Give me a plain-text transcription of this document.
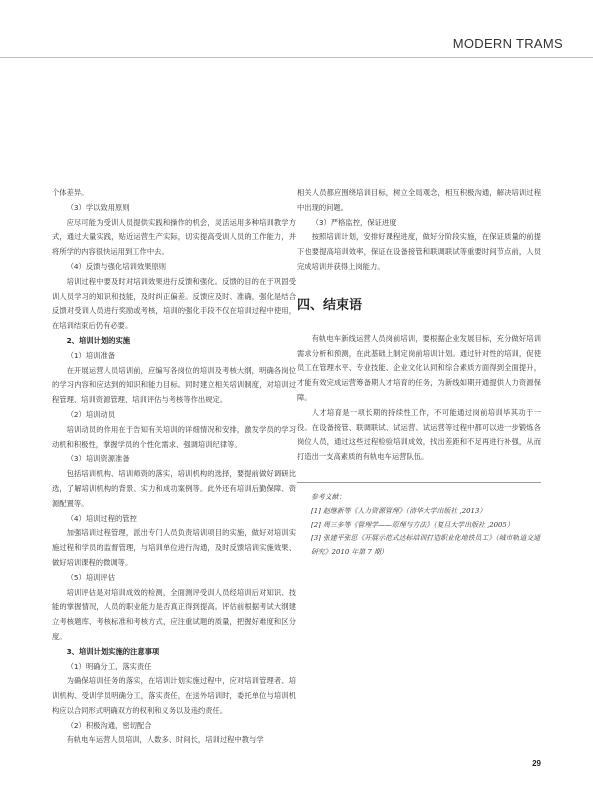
MODERN TRAMS
个体差异。
（3）学以致用原则
应尽可能为受训人员提供实践和操作的机会，灵活运用多种培训教学方式，通过大量实践，贴近运营生产实际，切实提高受训人员的工作能力，并将所学的内容很快运用到工作中去。
（4）反馈与强化培训效果原则
培训过程中要及时对培训效果进行反馈和强化。反馈的目的在于巩固受训人员学习的知识和技能，及时纠正偏差。反馈应及时、准确，强化是结合反馈对受训人员进行奖励或考核，培训的强化手段不仅在培训过程中使用，在培训结束后仍有必要。
2、培训计划的实施
（1）培训准备
在开展运营人员培训前，应编写各岗位的培训及考核大纲，明确各岗位的学习内容和应达到的知识和能力目标。同时建立相关培训制度，对培训过程管理、培训资源管理、培训评估与考核等作出规定。
（2）培训动员
培训动员的作用在于告知有关培训的详细情况和安排，激发学员的学习动机和积极性，掌握学员的个性化需求、强调培训纪律等。
（3）培训资源准备
包括培训机构、培训师资的落实，培训机构的选择，要提前做好调研比选，了解培训机构的背景、实力和成功案例等。此外还有培训后勤保障、资源配置等。
（4）培训过程的管控
加强培训过程管理，派出专门人员负责培训项目的实施，做好对培训实施过程和学员的监督管理，与培训单位进行沟通，及时反馈培训实施效果、做好培训课程的微调等。
（5）培训评估
培训评估是对培训成效的检测，全面测评受训人员经培训后对知识、技能的掌握情况，人员的职业能力是否真正得到提高。评估前根据考试大纲建立考核题库、考核标准和考核方式，应注重试题的质量，把握好难度和区分度。
3、培训计划实施的注意事项
（1）明确分工，落实责任
为确保培训任务的落实，在培训计划实施过程中，应对培训管理者、培训机构、受训学员明确分工，落实责任，在送外培训时，委托单位与培训机构应以合同形式明确双方的权利和义务以及违约责任。
（2）积极沟通，密切配合
有轨电车运营人员培训，人数多、时间长，培训过程中教与学
相关人员都应围绕培训目标，树立全局观念，相互积极沟通，解决培训过程中出现的问题。
（3）严格监控，保证进度
按照培训计划，安排好课程进度，做好分阶段实施，在保证质量的前提下也要提高培训效率，保证在设备接管和联调联试等重要时间节点前，人员完成培训并获得上岗能力。
四、结束语
有轨电车新线运营人员岗前培训，要根据企业发展目标，充分做好培训需求分析和预测，在此基础上制定岗前培训计划。通过针对性的培训，促使员工在管理水平、专业技能、企业文化认同和综合素质方面得到全面提升，才能有效完成运营筹备期人才培育的任务，为新线如期开通提供人力资源保障。
人才培育是一项长期的持续性工作，不可能通过岗前培训毕其功于一役。在设备接管、联调联试、试运营、试运营等过程中都可以进一步锻炼各岗位人员，通过这些过程检验培训成效，找出差距和不足再进行补强，从而打造出一支高素质的有轨电车运营队伍。
参考文献：
[1] 赵继新等《人力资源管理》（清华大学出版社 ,2013）
[2] 周三多等《管理学——原理与方法》（复旦大学出版社 ,2005）
[3] 张建平张思《开展示范式达标培训打造职业化地铁员工》（城市轨道交通研究》2010 年第 7 期）
29
